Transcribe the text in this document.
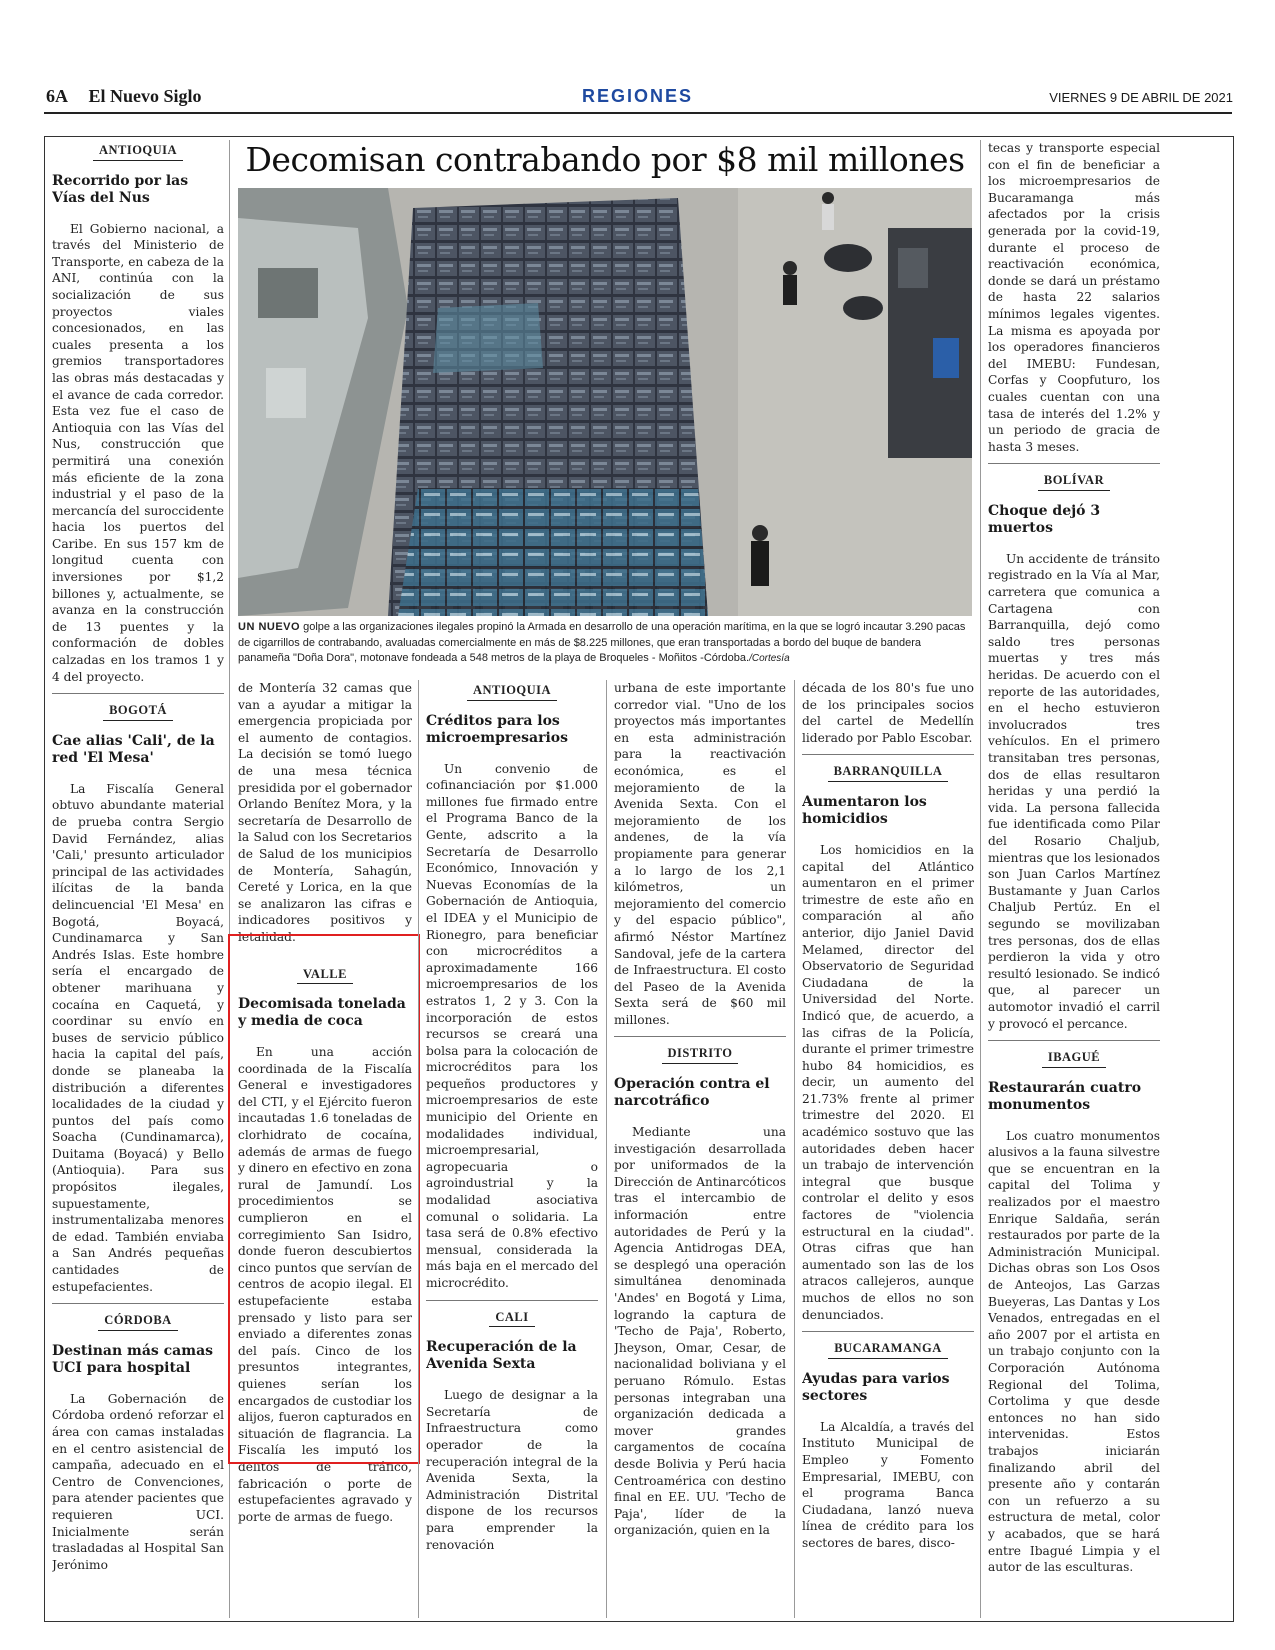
6A El Nuevo Siglo	REGIONES	VIERNES 9 DE ABRIL DE 2021
Decomisan contrabando por $8 mil millones
UN NUEVO golpe a las organizaciones ilegales propinó la Armada en desarrollo de una operación marítima, en la que se logró incautar 3.290 pacas de cigarrillos de contrabando, avaluadas comercialmente en más de $8.225 millones, que eran transportadas a bordo del buque de bandera panameña "Doña Dora", motonave fondeada a 548 metros de la playa de Broqueles - Moñitos -Córdoba./Cortesía
ANTIOQUIA
Recorrido por las Vías del Nus

El Gobierno nacional, a través del Ministerio de Transporte, en cabeza de la ANI, continúa con la socialización de sus proyectos viales concesionados, en las cuales presenta a los gremios transportadores las obras más destacadas y el avance de cada corredor. Esta vez fue el caso de Antioquia con las Vías del Nus, construcción que permitirá una conexión más eficiente de la zona industrial y el paso de la mercancía del suroccidente hacia los puertos del Caribe. En sus 157 km de longitud cuenta con inversiones por $1,2 billones y, actualmente, se avanza en la construcción de 13 puentes y la conformación de dobles calzadas en los tramos 1 y 4 del proyecto.

BOGOTÁ
Cae alias 'Cali', de la red 'El Mesa'

La Fiscalía General obtuvo abundante material de prueba contra Sergio David Fernández, alias 'Cali,' presunto articulador principal de las actividades ilícitas de la banda delincuencial 'El Mesa' en Bogotá, Boyacá, Cundinamarca y San Andrés Islas. Este hombre sería el encargado de obtener marihuana y cocaína en Caquetá, y coordinar su envío en buses de servicio público hacia la capital del país, donde se planeaba la distribución a diferentes localidades de la ciudad y puntos del país como Soacha (Cundinamarca), Duitama (Boyacá) y Bello (Antioquia). Para sus propósitos ilegales, supuestamente, instrumentalizaba menores de edad. También enviaba a San Andrés pequeñas cantidades de estupefacientes.

CÓRDOBA
Destinan más camas UCI para hospital

La Gobernación de Córdoba ordenó reforzar el área con camas instaladas en el centro asistencial de campaña, adecuado en el Centro de Convenciones, para atender pacientes que requieren UCI. Inicialmente serán trasladadas al Hospital San Jerónimo

de Montería 32 camas que van a ayudar a mitigar la emergencia propiciada por el aumento de contagios. La decisión se tomó luego de una mesa técnica presidida por el gobernador Orlando Benítez Mora, y la secretaría de Desarrollo de la Salud con los Secretarios de Salud de los municipios de Montería, Sahagún, Cereté y Lorica, en la que se analizaron las cifras e indicadores positivos y letalidad.

VALLE
Decomisada tonelada y media de coca

En una acción coordinada de la Fiscalía General e investigadores del CTI, y el Ejército fueron incautadas 1.6 toneladas de clorhidrato de cocaína, además de armas de fuego y dinero en efectivo en zona rural de Jamundí. Los procedimientos se cumplieron en el corregimiento San Isidro, donde fueron descubiertos cinco puntos que servían de centros de acopio ilegal. El estupefaciente estaba prensado y listo para ser enviado a diferentes zonas del país. Cinco de los presuntos integrantes, quienes serían los encargados de custodiar los alijos, fueron capturados en situación de flagrancia. La Fiscalía les imputó los delitos de tráfico, fabricación o porte de estupefacientes agravado y porte de armas de fuego.

ANTIOQUIA
Créditos para los microempresarios

Un convenio de cofinanciación por $1.000 millones fue firmado entre el Programa Banco de la Gente, adscrito a la Secretaría de Desarrollo Económico, Innovación y Nuevas Economías de la Gobernación de Antioquia, el IDEA y el Municipio de Rionegro, para beneficiar con microcréditos a aproximadamente 166 microempresarios de los estratos 1, 2 y 3. Con la incorporación de estos recursos se creará una bolsa para la colocación de microcréditos para los pequeños productores y microempresarios de este municipio del Oriente en modalidades individual, microempresarial, agropecuaria o agroindustrial y la modalidad asociativa comunal o solidaria. La tasa será de 0.8% efectivo mensual, considerada la más baja en el mercado del microcrédito.

CALI
Recuperación de la Avenida Sexta

Luego de designar a la Secretaría de Infraestructura como operador de la recuperación integral de la Avenida Sexta, la Administración Distrital dispone de los recursos para emprender la renovación

urbana de este importante corredor vial. "Uno de los proyectos más importantes en esta administración para la reactivación económica, es el mejoramiento de la Avenida Sexta. Con el mejoramiento de los andenes, de la vía propiamente para generar a lo largo de los 2,1 kilómetros, un mejoramiento del comercio y del espacio público", afirmó Néstor Martínez Sandoval, jefe de la cartera de Infraestructura. El costo del Paseo de la Avenida Sexta será de $60 mil millones.

DISTRITO
Operación contra el narcotráfico

Mediante una investigación desarrollada por uniformados de la Dirección de Antinarcóticos tras el intercambio de información entre autoridades de Perú y la Agencia Antidrogas DEA, se desplegó una operación simultánea denominada 'Andes' en Bogotá y Lima, logrando la captura de 'Techo de Paja', Roberto, Jheyson, Omar, Cesar, de nacionalidad boliviana y el peruano Rómulo. Estas personas integraban una organización dedicada a mover grandes cargamentos de cocaína desde Bolivia y Perú hacia Centroamérica con destino final en EE. UU. 'Techo de Paja', líder de la organización, quien en la

década de los 80's fue uno de los principales socios del cartel de Medellín liderado por Pablo Escobar.

BARRANQUILLA
Aumentaron los homicidios

Los homicidios en la capital del Atlántico aumentaron en el primer trimestre de este año en comparación al año anterior, dijo Janiel David Melamed, director del Observatorio de Seguridad Ciudadana de la Universidad del Norte. Indicó que, de acuerdo, a las cifras de la Policía, durante el primer trimestre hubo 84 homicidios, es decir, un aumento del 21.73% frente al primer trimestre del 2020. El académico sostuvo que las autoridades deben hacer un trabajo de intervención integral que busque controlar el delito y esos factores de "violencia estructural en la ciudad". Otras cifras que han aumentado son las de los atracos callejeros, aunque muchos de ellos no son denunciados.

BUCARAMANGA
Ayudas para varios sectores

La Alcaldía, a través del Instituto Municipal de Empleo y Fomento Empresarial, IMEBU, con el programa Banca Ciudadana, lanzó nueva línea de crédito para los sectores de bares, disco-

tecas y transporte especial con el fin de beneficiar a los microempresarios de Bucaramanga más afectados por la crisis generada por la covid-19, durante el proceso de reactivación económica, donde se dará un préstamo de hasta 22 salarios mínimos legales vigentes. La misma es apoyada por los operadores financieros del IMEBU: Fundesan, Corfas y Coopfuturo, los cuales cuentan con una tasa de interés del 1.2% y un periodo de gracia de hasta 3 meses.

BOLÍVAR
Choque dejó 3 muertos

Un accidente de tránsito registrado en la Vía al Mar, carretera que comunica a Cartagena con Barranquilla, dejó como saldo tres personas muertas y tres más heridas. De acuerdo con el reporte de las autoridades, en el hecho estuvieron involucrados tres vehículos. En el primero transitaban tres personas, dos de ellas resultaron heridas y una perdió la vida. La persona fallecida fue identificada como Pilar del Rosario Chaljub, mientras que los lesionados son Juan Carlos Martínez Bustamante y Juan Carlos Chaljub Pertúz. En el segundo se movilizaban tres personas, dos de ellas perdieron la vida y otro resultó lesionado. Se indicó que, al parecer un automotor invadió el carril y provocó el percance.

IBAGUÉ
Restaurarán cuatro monumentos

Los cuatro monumentos alusivos a la fauna silvestre que se encuentran en la capital del Tolima y realizados por el maestro Enrique Saldaña, serán restaurados por parte de la Administración Municipal. Dichas obras son Los Osos de Anteojos, Las Garzas Bueyeras, Las Dantas y Los Venados, entregadas en el año 2007 por el artista en un trabajo conjunto con la Corporación Autónoma Regional del Tolima, Cortolima y que desde entonces no han sido intervenidas. Estos trabajos iniciarán finalizando abril del presente año y contarán con un refuerzo a su estructura de metal, color y acabados, que se hará entre Ibagué Limpia y el autor de las esculturas.
